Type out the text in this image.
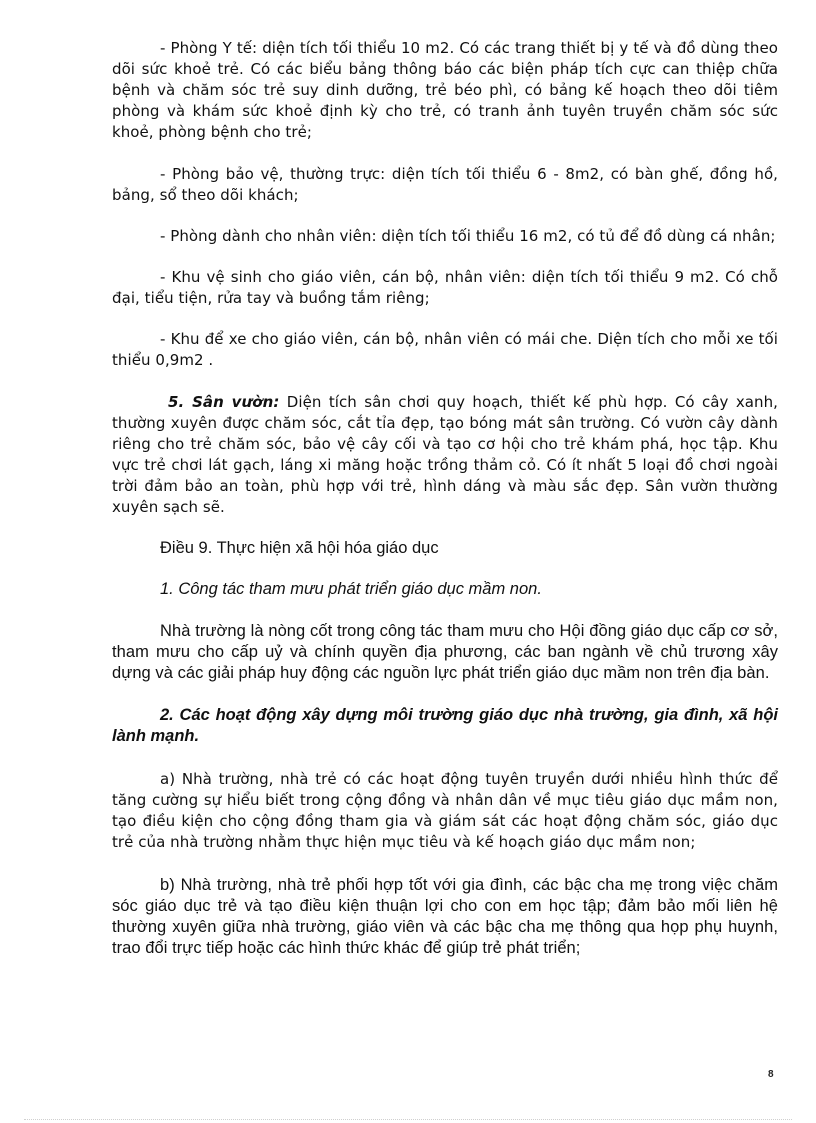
- Phòng Y tế: diện tích tối thiểu 10 m2. Có các trang thiết bị y tế và đồ dùng theo dõi sức khoẻ trẻ. Có các biểu bảng thông báo các biện pháp tích cực can thiệp chữa bệnh và chăm sóc trẻ suy dinh dưỡng, trẻ béo phì, có bảng kế hoạch theo dõi tiêm phòng và khám sức khoẻ định kỳ cho trẻ, có tranh ảnh tuyên truyền chăm sóc sức khoẻ, phòng bệnh cho trẻ;

- Phòng bảo vệ, thường trực: diện tích tối thiểu 6 - 8m2, có bàn ghế, đồng hồ, bảng, sổ theo dõi khách;

- Phòng dành cho nhân viên: diện tích tối thiểu 16 m2, có tủ để đồ dùng cá nhân;

- Khu vệ sinh cho giáo viên, cán bộ, nhân viên: diện tích tối thiểu 9 m2. Có chỗ đại, tiểu tiện, rửa tay và buồng tắm riêng;

- Khu để xe cho giáo viên, cán bộ, nhân viên có mái che. Diện tích cho mỗi xe tối thiểu 0,9m2 .

5. Sân vườn: Diện tích sân chơi quy hoạch, thiết kế phù hợp. Có cây xanh, thường xuyên được chăm sóc, cắt tỉa đẹp, tạo bóng mát sân trường. Có vườn cây dành riêng cho trẻ chăm sóc, bảo vệ cây cối và tạo cơ hội cho trẻ khám phá, học tập. Khu vực trẻ chơi lát gạch, láng xi măng hoặc trồng thảm cỏ. Có ít nhất 5 loại đồ chơi ngoài trời đảm bảo an toàn, phù hợp với trẻ, hình dáng và màu sắc đẹp. Sân vườn thường xuyên sạch sẽ.

Điều 9. Thực hiện xã hội hóa giáo dục

1. Công tác tham mưu phát triển giáo dục mầm non.

Nhà trường là nòng cốt trong công tác tham mưu cho Hội đồng giáo dục cấp cơ sở, tham mưu cho cấp uỷ và chính quyền địa phương, các ban ngành về chủ trương xây dựng và các giải pháp huy động các nguồn lực phát triển giáo dục mầm non trên địa bàn.

2. Các hoạt động xây dựng môi trường giáo dục nhà trường, gia đình, xã hội lành mạnh.

a) Nhà trường, nhà trẻ có các hoạt động tuyên truyền dưới nhiều hình thức để tăng cường sự hiểu biết trong cộng đồng và nhân dân về mục tiêu giáo dục mầm non, tạo điều kiện cho cộng đồng tham gia và giám sát các hoạt động chăm sóc, giáo dục trẻ của nhà trường nhằm thực hiện mục tiêu và kế hoạch giáo dục mầm non;

b) Nhà trường, nhà trẻ phối hợp tốt với gia đình, các bậc cha mẹ trong việc chăm sóc giáo dục trẻ và tạo điều kiện thuận lợi cho con em học tập; đảm bảo mối liên hệ thường xuyên giữa nhà trường, giáo viên và các bậc cha mẹ thông qua họp phụ huynh, trao đổi trực tiếp hoặc các hình thức khác để giúp trẻ phát triển;

8
